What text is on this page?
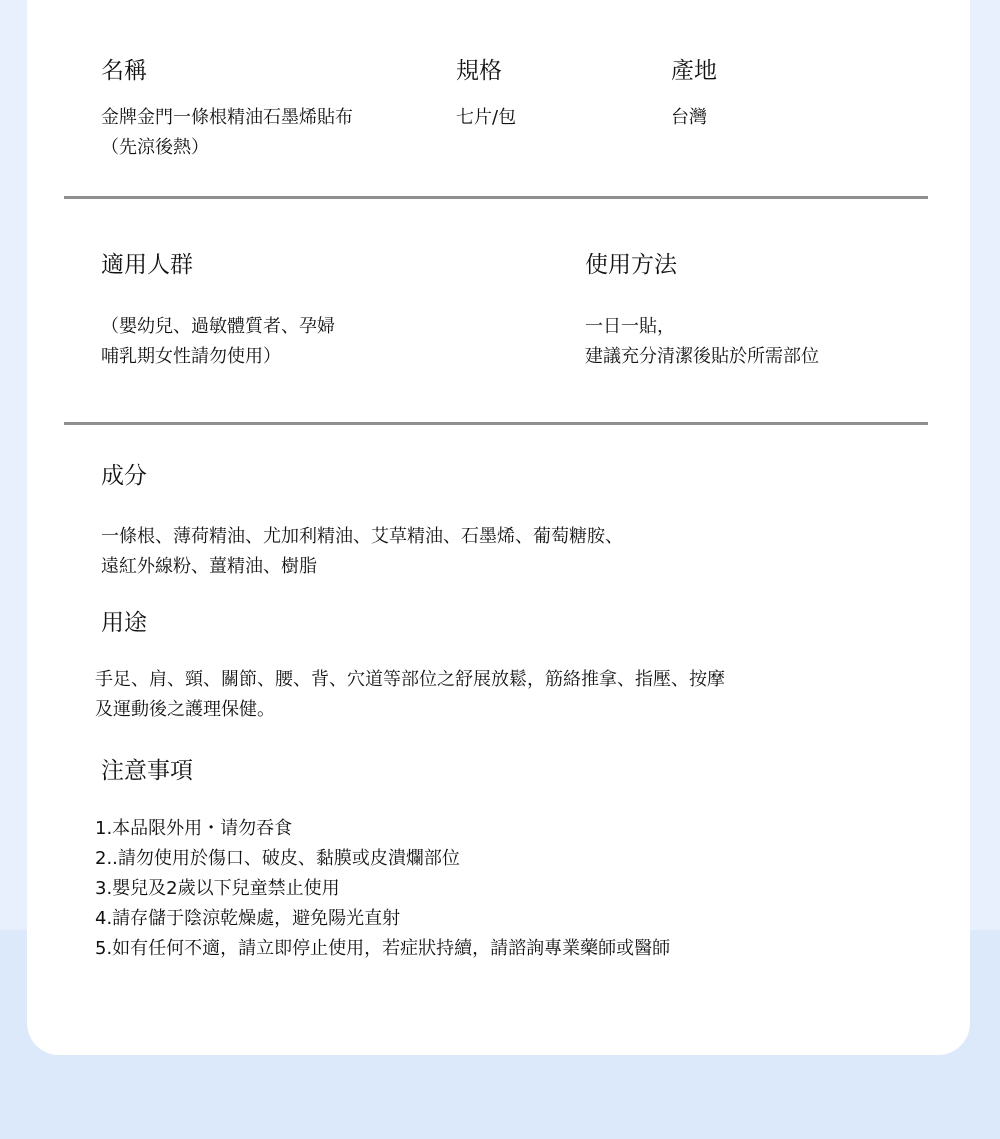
名稱
金牌金門一條根精油石墨烯貼布
（先涼後熱）
規格
七片/包
產地
台灣
適用人群
（嬰幼兒、過敏體質者、孕婦
哺乳期女性請勿使用）
使用方法
一日一貼，
建議充分清潔後貼於所需部位
成分
一條根、薄荷精油、尤加利精油、艾草精油、石墨烯、葡萄糖胺、
遠紅外線粉、薑精油、樹脂
用途
手足、肩、頸、關節、腰、背、穴道等部位之舒展放鬆，筋絡推拿、指壓、按摩
及運動後之護理保健。
注意事項
1.本品限外用・请勿吞食
2..請勿使用於傷口、破皮、黏膜或皮潰爛部位
3.嬰兒及2歲以下兒童禁止使用
4.請存儲于陰涼乾燥處，避免陽光直射
5.如有任何不適，請立即停止使用，若症狀持續，請諮詢專業藥師或醫師
